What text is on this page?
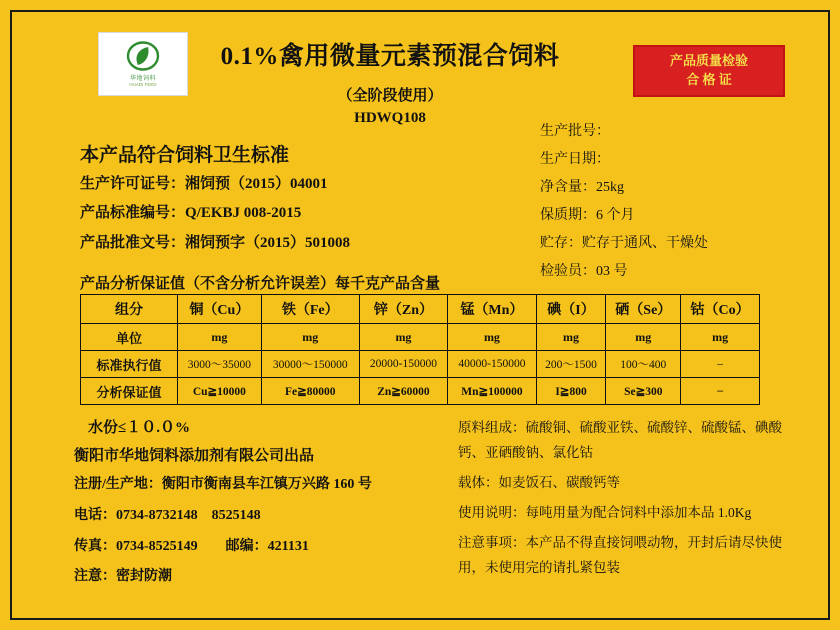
华地饲料
HUADI FEED
0.1%禽用微量元素预混合饲料
（全阶段使用）
HDWQ108
产品质量检验
合 格 证
本产品符合饲料卫生标准
生产许可证号：湘饲预（2015）04001
产品标准编号：Q/EKBJ 008-2015
产品批准文号：湘饲预字（2015）501008
生产批号：
生产日期：
净含量：25kg
保质期：6 个月
贮存：贮存于通风、干燥处
检验员：03 号
产品分析保证值（不含分析允许误差）每千克产品含量
组分	铜（Cu）	铁（Fe）	锌（Zn）	锰（Mn）	碘（I）	硒（Se）	钴（Co）
单位	mg	mg	mg	mg	mg	mg	mg
标准执行值	3000～35000	30000～150000	20000-150000	40000-150000	200～1500	100～400	–
分析保证值	Cu≧10000	Fe≧80000	Zn≧60000	Mn≧100000	I≧800	Se≧300	–
水份≤１０.０%
衡阳市华地饲料添加剂有限公司出品
注册/生产地：衡阳市衡南县车江镇万兴路 160 号
电话：0734-8732148　8525148
传真：0734-8525149　　邮编：421131
注意：密封防潮
原料组成：硫酸铜、硫酸亚铁、硫酸锌、硫酸锰、碘酸钙、亚硒酸钠、氯化钴
载体：如麦饭石、碳酸钙等
使用说明：每吨用量为配合饲料中添加本品 1.0Kg
注意事项：本产品不得直接饲喂动物，开封后请尽快使用，未使用完的请扎紧包装
